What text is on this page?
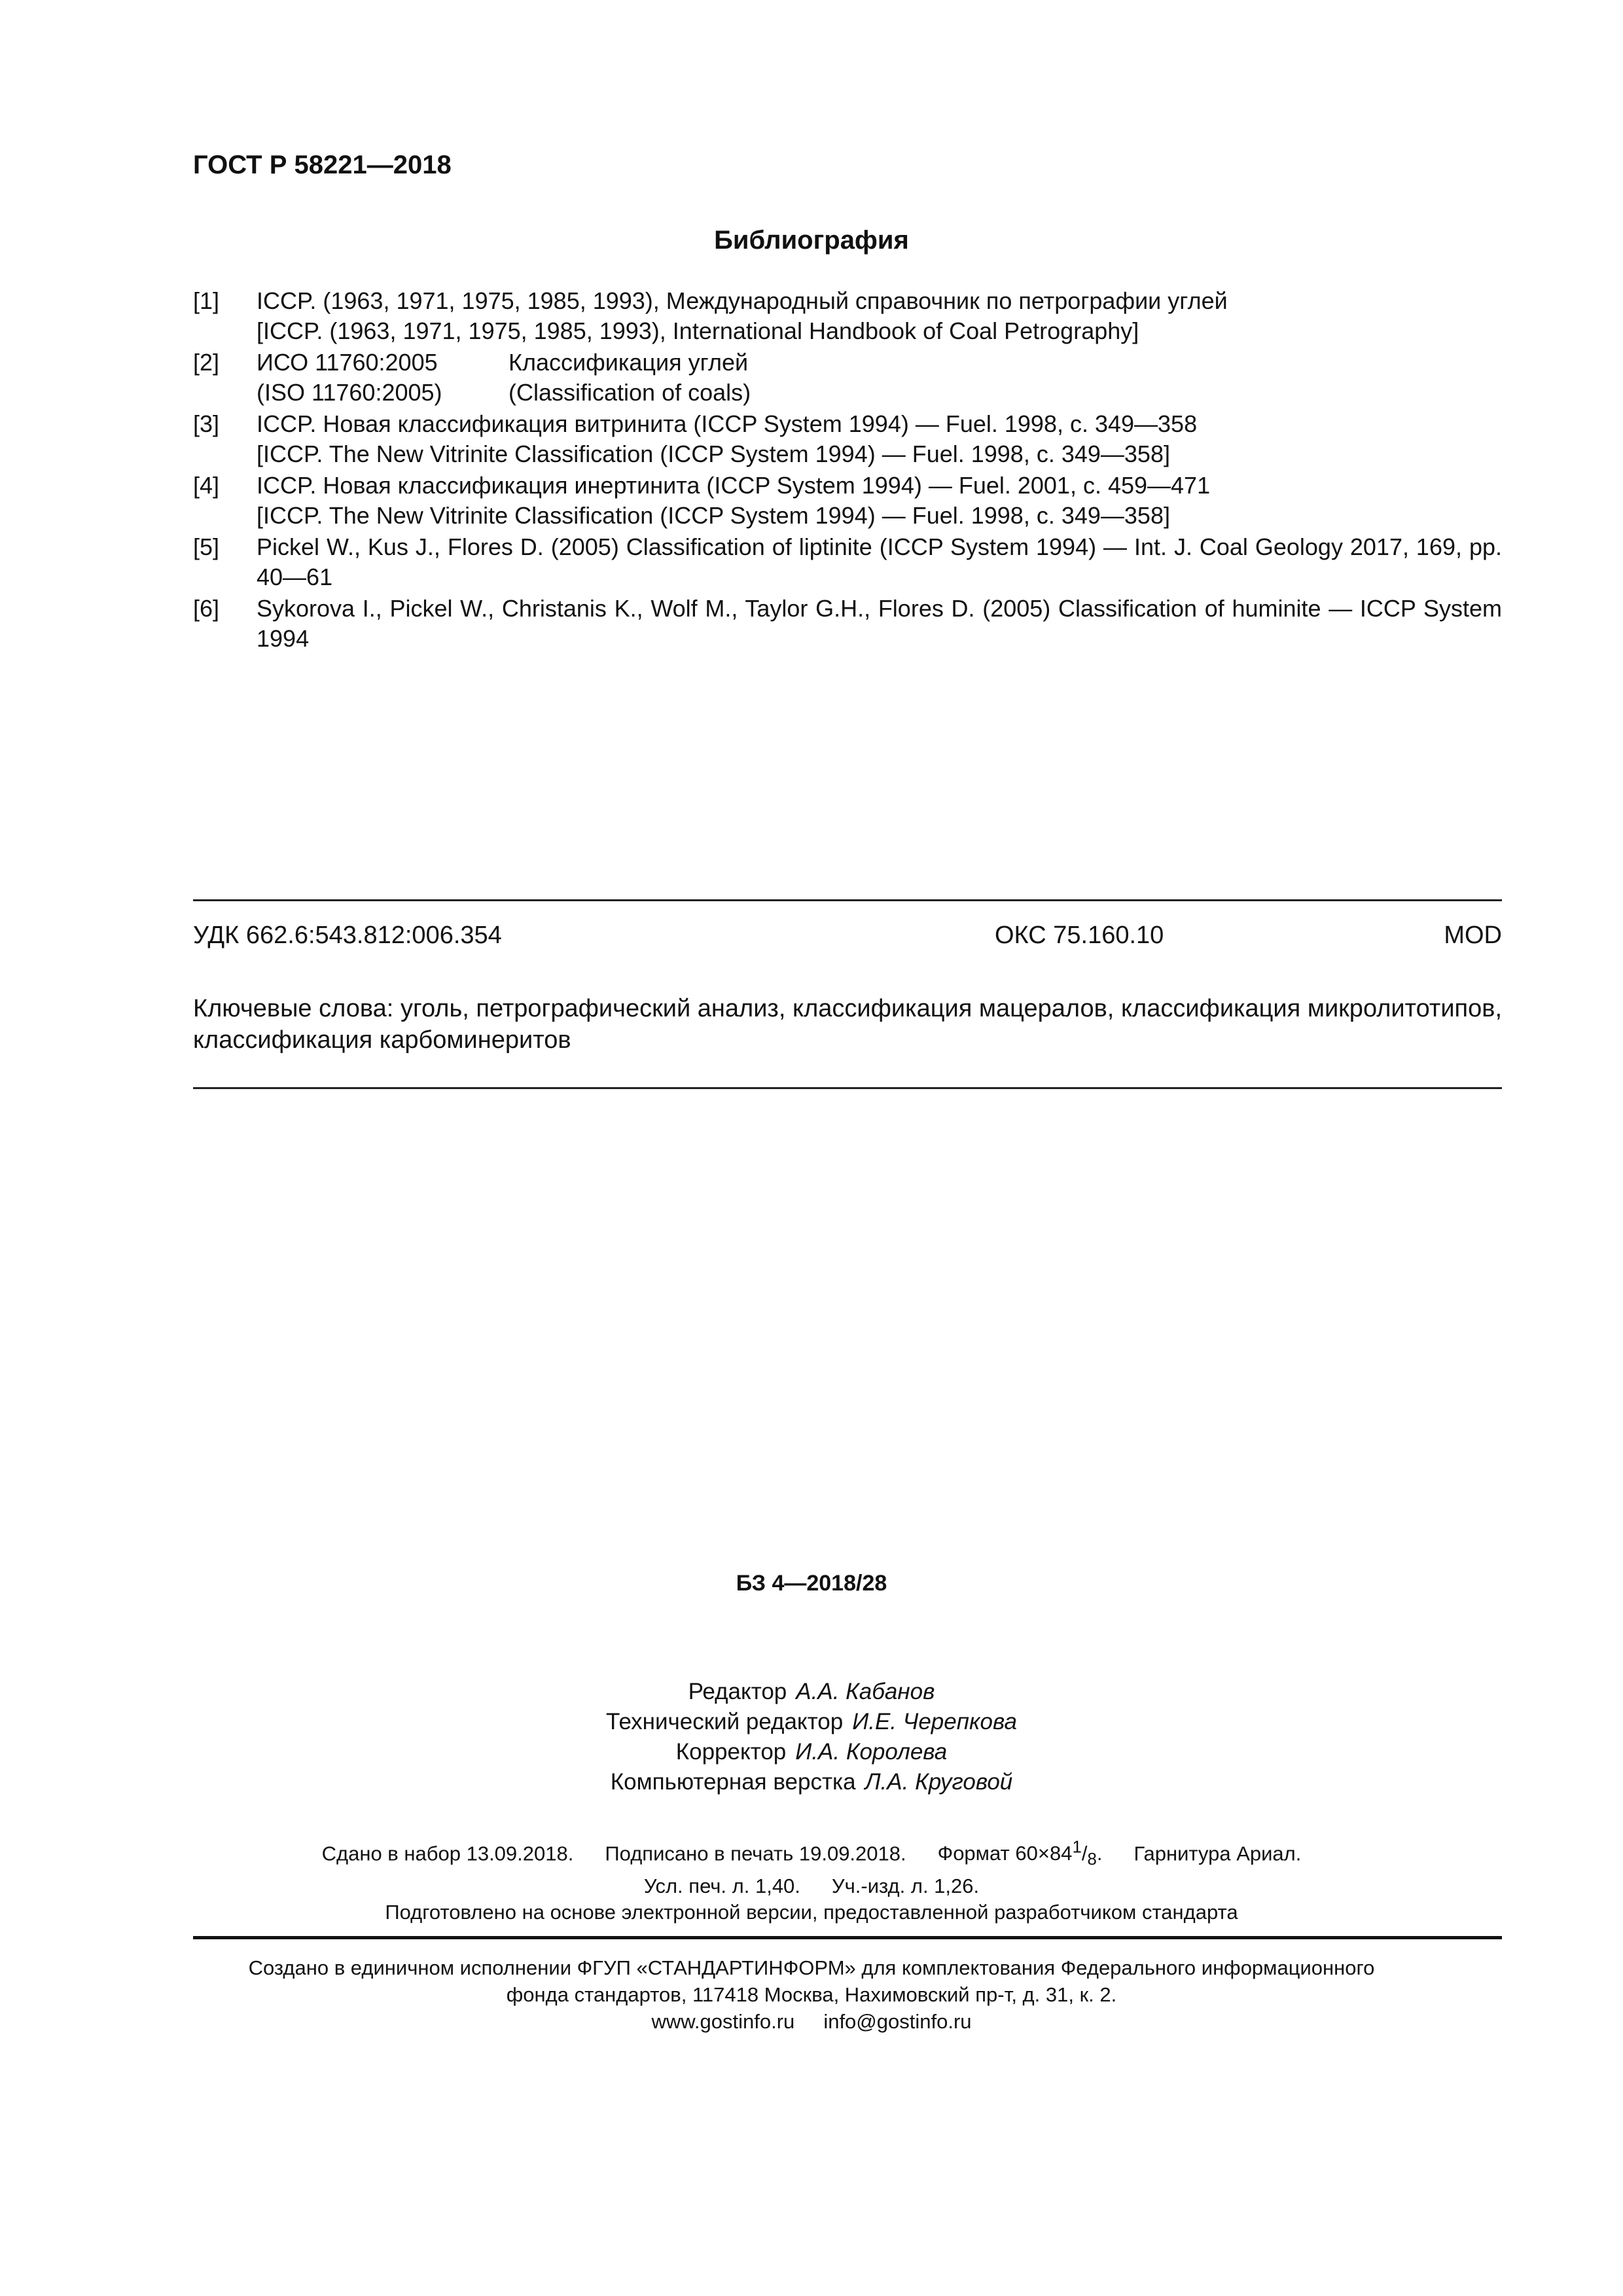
ГОСТ Р 58221—2018
Библиография
[1]	ICCP. (1963, 1971, 1975, 1985, 1993), Международный справочник по петрографии углей
[ICCP. (1963, 1971, 1975, 1985, 1993), International Handbook of Coal Petrography]
[2]	ИСО 11760:2005	Классификация углей
(ISO 11760:2005)	(Classification of coals)
[3]	ICCP. Новая классификация витринита (ICCP System 1994) — Fuel. 1998, с. 349—358
[ICCP. The New Vitrinite Classification (ICCP System 1994) — Fuel. 1998, с. 349—358]
[4]	ICCP. Новая классификация инертинита (ICCP System 1994) — Fuel. 2001, с. 459—471
[ICCP. The New Vitrinite Classification (ICCP System 1994) — Fuel. 1998, с. 349—358]
[5]	Pickel W., Kus J., Flores D. (2005) Classification of liptinite (ICCP System 1994) — Int. J. Coal Geology 2017, 169, pp. 40—61
[6]	Sykorova I., Pickel W., Christanis K., Wolf M., Taylor G.H., Flores D. (2005) Classification of huminite — ICCP System 1994
УДК 662.6:543.812:006.354	ОКС 75.160.10	MOD
Ключевые слова: уголь, петрографический анализ, классификация мацералов, классификация микролитотипов, классификация карбоминеритов
БЗ 4—2018/28
Редактор А.А. Кабанов
Технический редактор И.Е. Черепкова
Корректор И.А. Королева
Компьютерная верстка Л.А. Круговой
Сдано в набор 13.09.2018. Подписано в печать 19.09.2018. Формат $60\times 84^1/_8$. Гарнитура Ариал.
Усл. печ. л. 1,40. Уч.-изд. л. 1,26.
Подготовлено на основе электронной версии, предоставленной разработчиком стандарта
Создано в единичном исполнении ФГУП «СТАНДАРТИНФОРМ» для комплектования Федерального информационного
фонда стандартов, 117418 Москва, Нахимовский пр-т, д. 31, к. 2.
www.gostinfo.ru info@gostinfo.ru
